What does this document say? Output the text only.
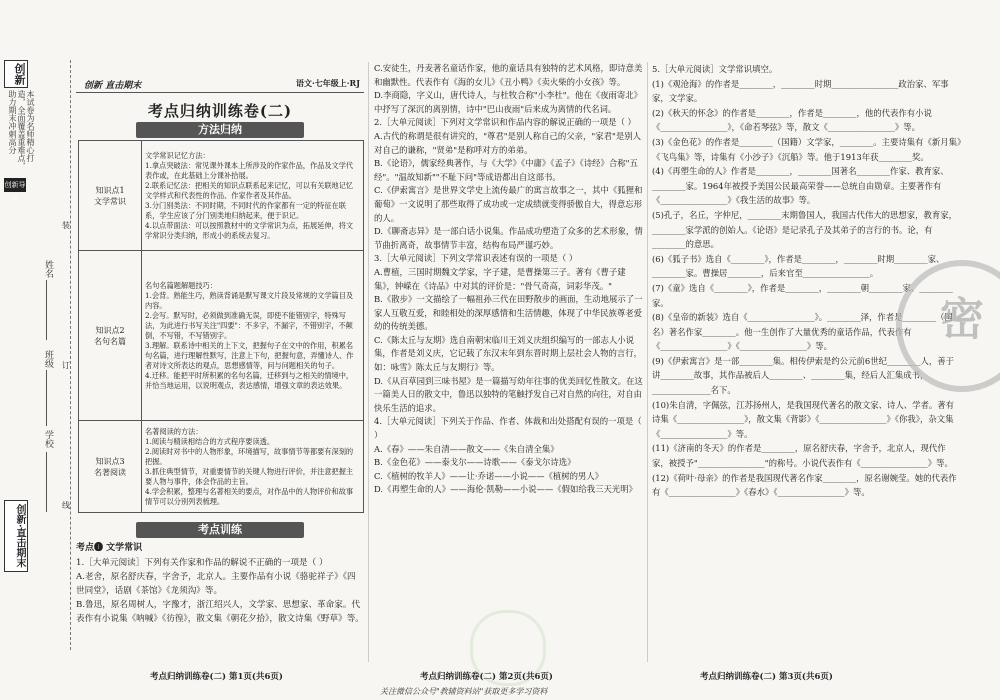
创新
本试卷为名师精心打造，全面覆盖重难点，助力期末冲刺高分
创新导学
学校
班级
姓名
装
订
线
创新·直击期末
创新 直击期末	语文·七年级上·RJ
考点归纳训练卷(二)
方法归纳
知识点1
文学常识	文学常识记忆方法：
1.拿点突破法：常见课外课本上所涉及的作家作品，作品及文学代表作或，在此基础上分课补拾展。
2.联系记忆法：把相关的知识点联系起来记忆，可以有关联地记忆文学样式和代表性的作品、作家作者及其作品。
3.分门别类法：不同时期，不同时代的作家都有一定的特征在联系，学生应该了分门别类地归纳起来，便于识记。
4.以点带面法：可以按照教材中的文学常识为点，拓展延伸，将文学常识分类归纳，形成小的系统去复习。
知识点2
名句名篇	名句名篇题解题技巧：
1.会背。熟能生巧，熟读背诵是默写课文片段及常规的文学篇目及内容。
2.会写。默写时，必须做到准确无误，即使不能错别字，特殊写法，为此进行书写关注"四要"：不多字，不漏字，不错别字，不颠倒，不写错，不写错别字。
3.理解。联系诗中相关的上下文，把握句子在文中的作用，积累名句名篇，进行理解性默写，注意上下句，把握句意，弄懂诗人、作者对诗文所表达的观点，思想感情等，问与问题相关的句子。
4.迁移。能把平时所积累的名句名篇，迁移到与之相关的情境中，并恰当地运用，以说明观点，表达感情，增强文章的表达效果。
知识点3
名著阅读	名著阅读的方法：
1.阅读与精读相结合的方式程序要读透。
2.阅读时对书中的人物形象，环境描写，故事情节等都要有深刻的把握。
3.抓住典型情节，对重要情节的关键人物进行评价，并注意把握主要人物与事件，体会作品的主旨。
4.学会积累，整理与名著相关的要点，对作品中的人物评价和故事情节可以分别列表梳理。
考点训练

考点❶ 文学常识

1.［大单元阅读］下列有关作家和作品的解说不正确的一项是（ ）

A.老舍，原名舒庆春，字舍予，北京人。主要作品有小说《骆驼祥子》《四世同堂》，话剧《茶馆》《龙须沟》等。

B.鲁迅，原名周树人，字豫才，浙江绍兴人，文学家、思想家、革命家。代表作有小说集《呐喊》《彷徨》，散文集《朝花夕拾》，散文诗集《野草》等。

C.安徒生，丹麦著名童话作家，他的童话具有独特的艺术风格，即诗意美和幽默性。代表作有《海的女儿》《丑小鸭》《卖火柴的小女孩》等。

D.李商隐，字义山，唐代诗人，与杜牧合称"小李杜"。他在《夜雨寄北》中抒写了深沉的离别情，诗中"巴山夜雨"后来成为离情的代名词。

2.［大单元阅读］下列对文学常识和作品内容的解说正确的一项是（ ）

A.古代的称谓是很有讲究的，"尊君"是别人称自己的父亲，"家君"是别人对自己的谦称，"贤弟"是称呼对方的弟弟。

B.《论语》，儒家经典著作，与《大学》《中庸》《孟子》《诗经》合称"五经"。"温故知新""不耻下问"等成语都出自这部书。

C.《伊索寓言》是世界文学史上流传最广的寓言故事之一，其中《狐狸和葡萄》一文说明了那些取得了成功或一定成绩就变得骄傲自大，得意忘形的人。

D.《聊斋志异》是一部白话小说集。作品成功塑造了众多的艺术形象，情节曲折离奇，故事情节丰富，结构布局严谨巧妙。

3.［大单元阅读］下列文学常识表述有误的一项是（ ）

A.曹植，三国时期魏文学家，字子建，是曹操第三子。著有《曹子建集》，钟嵘在《诗品》中对其的评价是："骨气奇高，词彩华茂。"

B.《散步》一文描绘了一幅祖孙三代在田野散步的画面，生动地展示了一家人互敬互爱，和睦相处的深厚感情和生活情趣，体现了中华民族尊老爱幼的传统美德。

C.《陈太丘与友期》选自南朝宋临川王刘义庆组织编写的一部志人小说集，作者是刘义庆，它记载了东汉末年到东晋时期上层社会人物的言行，如：咏雪》陈太丘与友期行》等。

D.《从百草园到三味书屋》是一篇描写幼年往事的优美回忆性散文。在这一篇美人日的散文中，鲁迅以独特的笔触抒发自己对自然的向往，对自由快乐生活的追求。

4.［大单元阅读］下列关于作品、作者、体裁和出处搭配有误的一项是（ ）

A.《春》——朱自清——散文——《朱自清全集》

B.《金色花》——泰戈尔——诗歌——《泰戈尔诗选》

C.《植树的牧羊人》——让·乔诺——小说——《植树的男人》

D.《再塑生命的人》——海伦·凯勒——小说——《假如给我三天光明》

5.［大单元阅读］文学常识填空。

(1)《观沧海》的作者是________，________时期________________政治家、军事家，文学家。

(2)《秋天的怀念》的作者是________，作者是________，他的代表作有小说《________________》，《命若琴弦》等，散文《________________》等。

(3)《金色花》的作者是________（国籍）文学家，________。主要诗集有《新月集》《飞鸟集》等，诗集有《小沙子》《沉船》等。他于1913年获________奖。

(4)《再塑生命的人》作者是________，________国著名________作家、教育家、________家。1964年被授予美国公民最高荣誉——总统自由勋章。主要著作有《________________》《我生活的故事》等。

(5)孔子，名丘，字仲尼，________末期鲁国人，我国古代伟大的思想家，教育家，________家学派的创始人。《论语》是记录孔子及其弟子的言行的书。论，有________的意思。

(6)《狐子书》选自《________》，作者是________，________时期________家、________家。曹操居________，后来官至________________。

(7)《童》选自《________》，作者是________，________朝________家、________家。

(8)《皇帝的新装》选自《________________》。________泽，作者是________（国名）著名作家________。他一生创作了大量优秀的童话作品，代表作有《________________》《________________》等。

(9)《伊索寓言》是一部________集。相传伊索是约公元前6世纪________人，善于讲________故事，其作品被后人________、________集，经后人汇集成书，______________名下。

(10)朱自清，字佩弦，江苏扬州人，是我国现代著名的散文家、诗人、学者。著有诗集《________________》，散文集《背影》《________________》《你我》，杂文集《________________》等。

(11)《济南的冬天》的作者是________，原名舒庆春，字舍予，北京人，现代作家，被授予"________________"的称号。小说代表作有《________________》等。

(12)《荷叶·母亲》的作者是我国现代著名作家________，原名谢婉莹。她的代表作有《________________》《春水》《________________》等。

密
考点归纳训练卷(二) 第1页(共6页)	考点归纳训练卷(二) 第2页(共6页)	考点归纳训练卷(二) 第3页(共6页)
关注微信公众号"教辅资料站"获取更多学习资料
